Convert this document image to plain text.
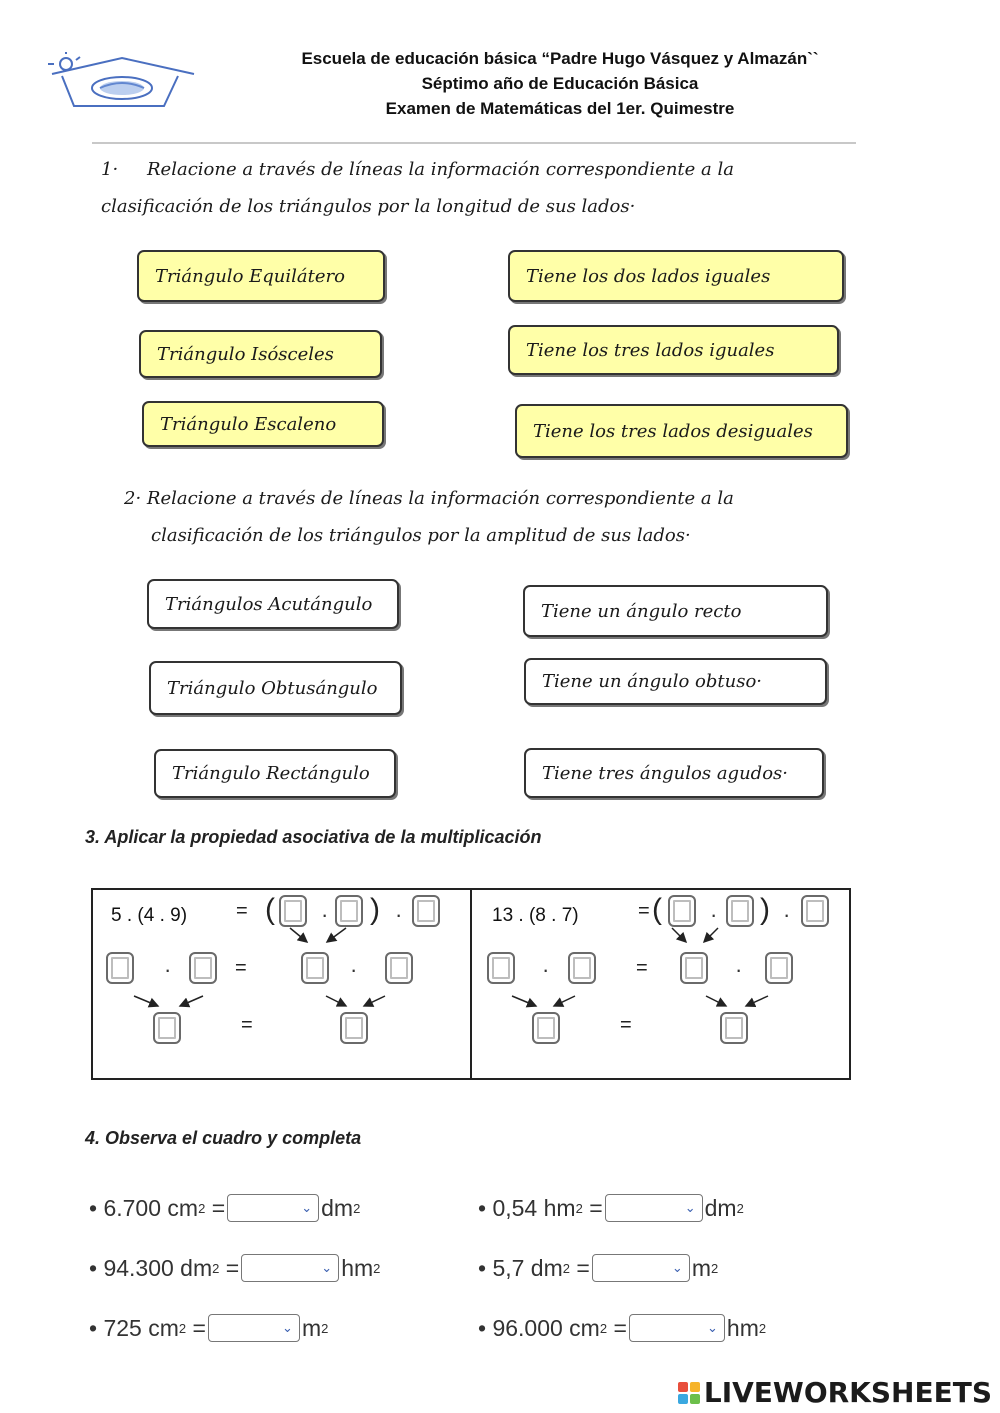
Escuela de educación básica “Padre Hugo Vásquez y Almazán``
Séptimo año de Educación Básica
Examen de Matemáticas del 1er. Quimestre
1· Relacione a través de líneas la información correspondiente a la
clasificación de los triángulos por la longitud de sus lados·
Triángulo Equilátero
Triángulo Isósceles
Triángulo Escaleno
Tiene los dos lados iguales
Tiene los tres lados iguales
Tiene los tres lados desiguales
2· Relacione a través de líneas la información correspondiente a la
clasificación de los triángulos por la amplitud de sus lados·
Triángulos Acutángulo
Triángulo Obtusángulo
Triángulo Rectángulo
Tiene un ángulo recto
Tiene un ángulo obtuso·
Tiene tres ángulos agudos·
3. Aplicar la propiedad asociativa de la multiplicación
5 . (4 . 9) = ( · ) ·
·	=	·
=
13 . (8 . 7)	= ( · ) ·
·	=	·
=
4. Observa el cuadro y completa
• 6.700 cm 2
=	⌄ dm 2	• 0,54 hm 2
=	⌄ dm 2
• 94.300 dm 2
=	⌄ hm 2	• 5,7 dm 2
=	⌄ m 2
• 725 cm 2
=	⌄ m 2	• 96.000 cm 2
=	⌄ hm 2
LIVEWORKSHEETS
